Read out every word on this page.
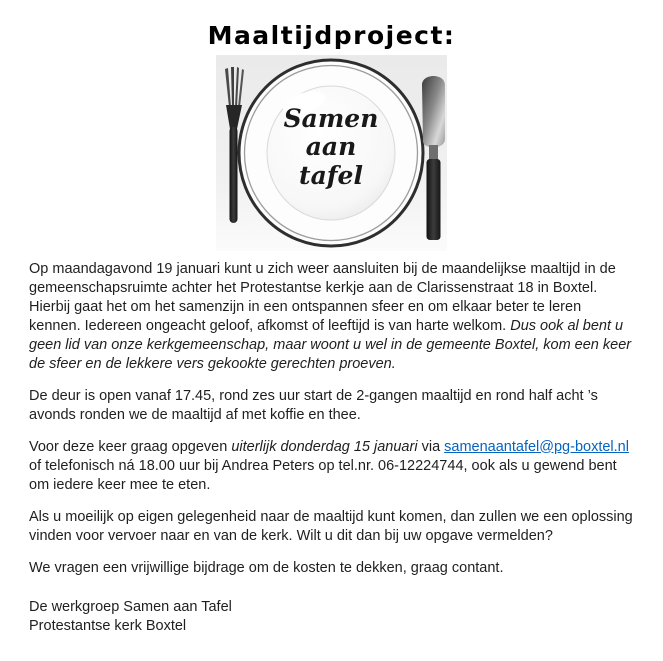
Maaltijdproject:
Samen
aan
tafel

Op maandagavond 19 januari kunt u zich weer aansluiten bij de maandelijkse maaltijd in de gemeenschapsruimte achter het Protestantse kerkje aan de Clarissenstraat 18 in Boxtel. Hierbij gaat het om het samenzijn in een ontspannen sfeer en om elkaar beter te leren kennen. Iedereen ongeacht geloof, afkomst of leeftijd is van harte welkom. Dus ook al bent u geen lid van onze kerkgemeenschap, maar woont u wel in de gemeente Boxtel, kom een keer de sfeer en de lekkere vers gekookte gerechten proeven.

De deur is open vanaf 17.45, rond zes uur start de 2-gangen maaltijd en rond half acht ’s avonds ronden we de maaltijd af met koffie en thee.

Voor deze keer graag opgeven uiterlijk donderdag 15 januari via samenaantafel@pg-boxtel.nl of telefonisch ná 18.00 uur bij Andrea Peters op tel.nr. 06-12224744, ook als u gewend bent om iedere keer mee te eten.

Als u moeilijk op eigen gelegenheid naar de maaltijd kunt komen, dan zullen we een oplossing vinden voor vervoer naar en van de kerk. Wilt u dit dan bij uw opgave vermelden?

We vragen een vrijwillige bijdrage om de kosten te dekken, graag contant.

De werkgroep Samen aan Tafel
Protestantse kerk Boxtel
